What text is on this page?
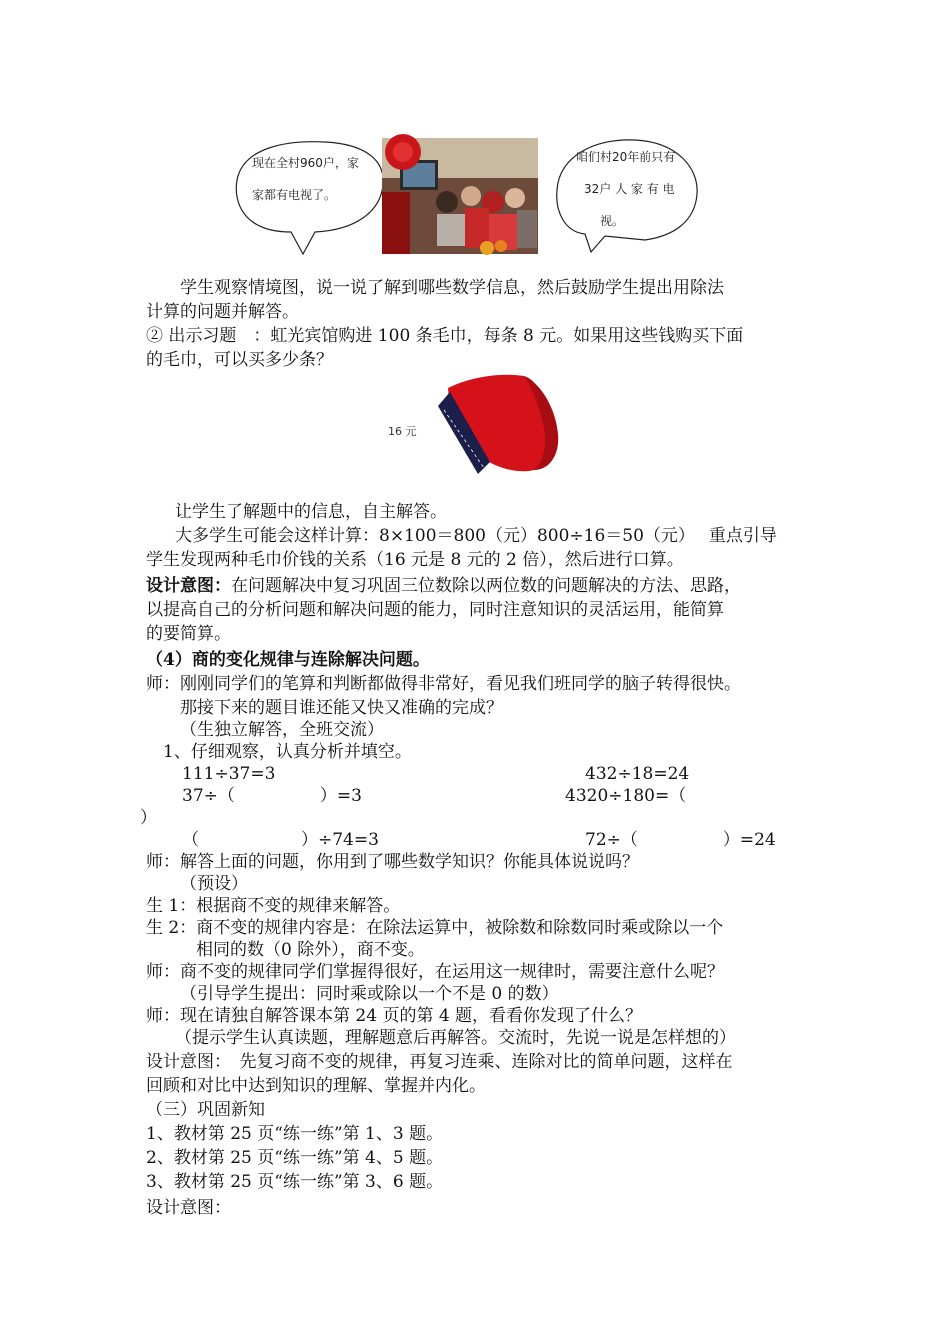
现在全村960户，家
家都有电视了。
咱们村20年前只有
32户 人 家 有 电
视。
学生观察情境图，说一说了解到哪些数学信息，然后鼓励学生提出用除法
计算的问题并解答。
② 出示习题　：虹光宾馆购进 100 条毛巾，每条 8 元。如果用这些钱购买下面
的毛巾，可以买多少条？
16 元
让学生了解题中的信息，自主解答。
大多学生可能会这样计算：8×100＝800（元）800÷16＝50（元）　 重点引导
学生发现两种毛巾价钱的关系（16 元是 8 元的 2 倍），然后进行口算。
设计意图：在问题解决中复习巩固三位数除以两位数的问题解决的方法、思路，
以提高自己的分析问题和解决问题的能力，同时注意知识的灵活运用，能简算
的要简算。
（4）商的变化规律与连除解决问题。
师：刚刚同学们的笔算和判断都做得非常好，看见我们班同学的脑子转得很快。
那接下来的题目谁还能又快又准确的完成？
（生独立解答，全班交流）
1、仔细观察，认真分析并填空。
111÷37=3	432÷18=24
37÷（　　　　　）=3	4320÷180=（
）
（　　　　　　）÷74=3	72÷（　　　　　）=24
师：解答上面的问题，你用到了哪些数学知识？你能具体说说吗？
（预设）
生 1：根据商不变的规律来解答。
生 2：商不变的规律内容是：在除法运算中，被除数和除数同时乘或除以一个
相同的数（0 除外），商不变。
师：商不变的规律同学们掌握得很好，在运用这一规律时，需要注意什么呢？
（引导学生提出：同时乘或除以一个不是 0 的数）
师：现在请独自解答课本第 24 页的第 4 题，看看你发现了什么？
（提示学生认真读题，理解题意后再解答。交流时，先说一说是怎样想的）
设计意图：　先复习商不变的规律，再复习连乘、连除对比的简单问题，这样在
回顾和对比中达到知识的理解、掌握并内化。
（三）巩固新知
1、教材第 25 页“练一练”第 1、3 题。
2、教材第 25 页“练一练”第 4、5 题。
3、教材第 25 页“练一练”第 3、6 题。
设计意图：
